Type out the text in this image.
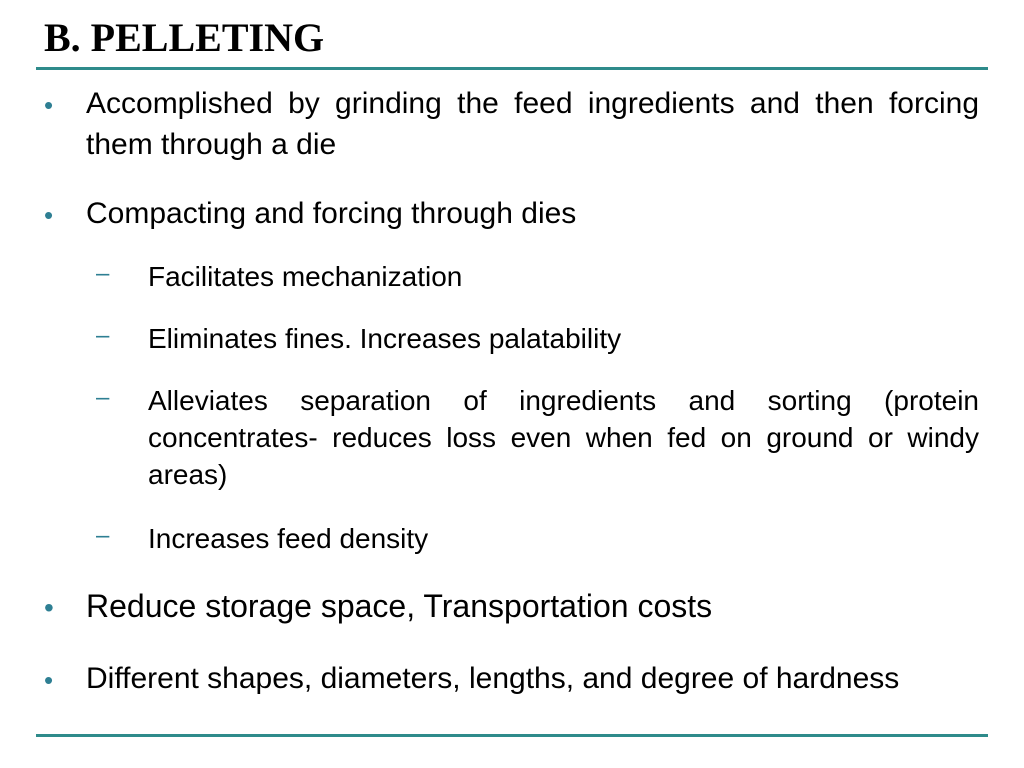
B. PELLETING
• Accomplished by grinding the feed ingredients and then forcing them through a die
• Compacting and forcing through dies
– Facilitates mechanization
– Eliminates fines. Increases palatability
– Alleviates separation of ingredients and sorting (protein concentrates- reduces loss even when fed on ground or windy areas)
– Increases feed density
• Reduce storage space, Transportation costs
• Different shapes, diameters, lengths, and degree of hardness
